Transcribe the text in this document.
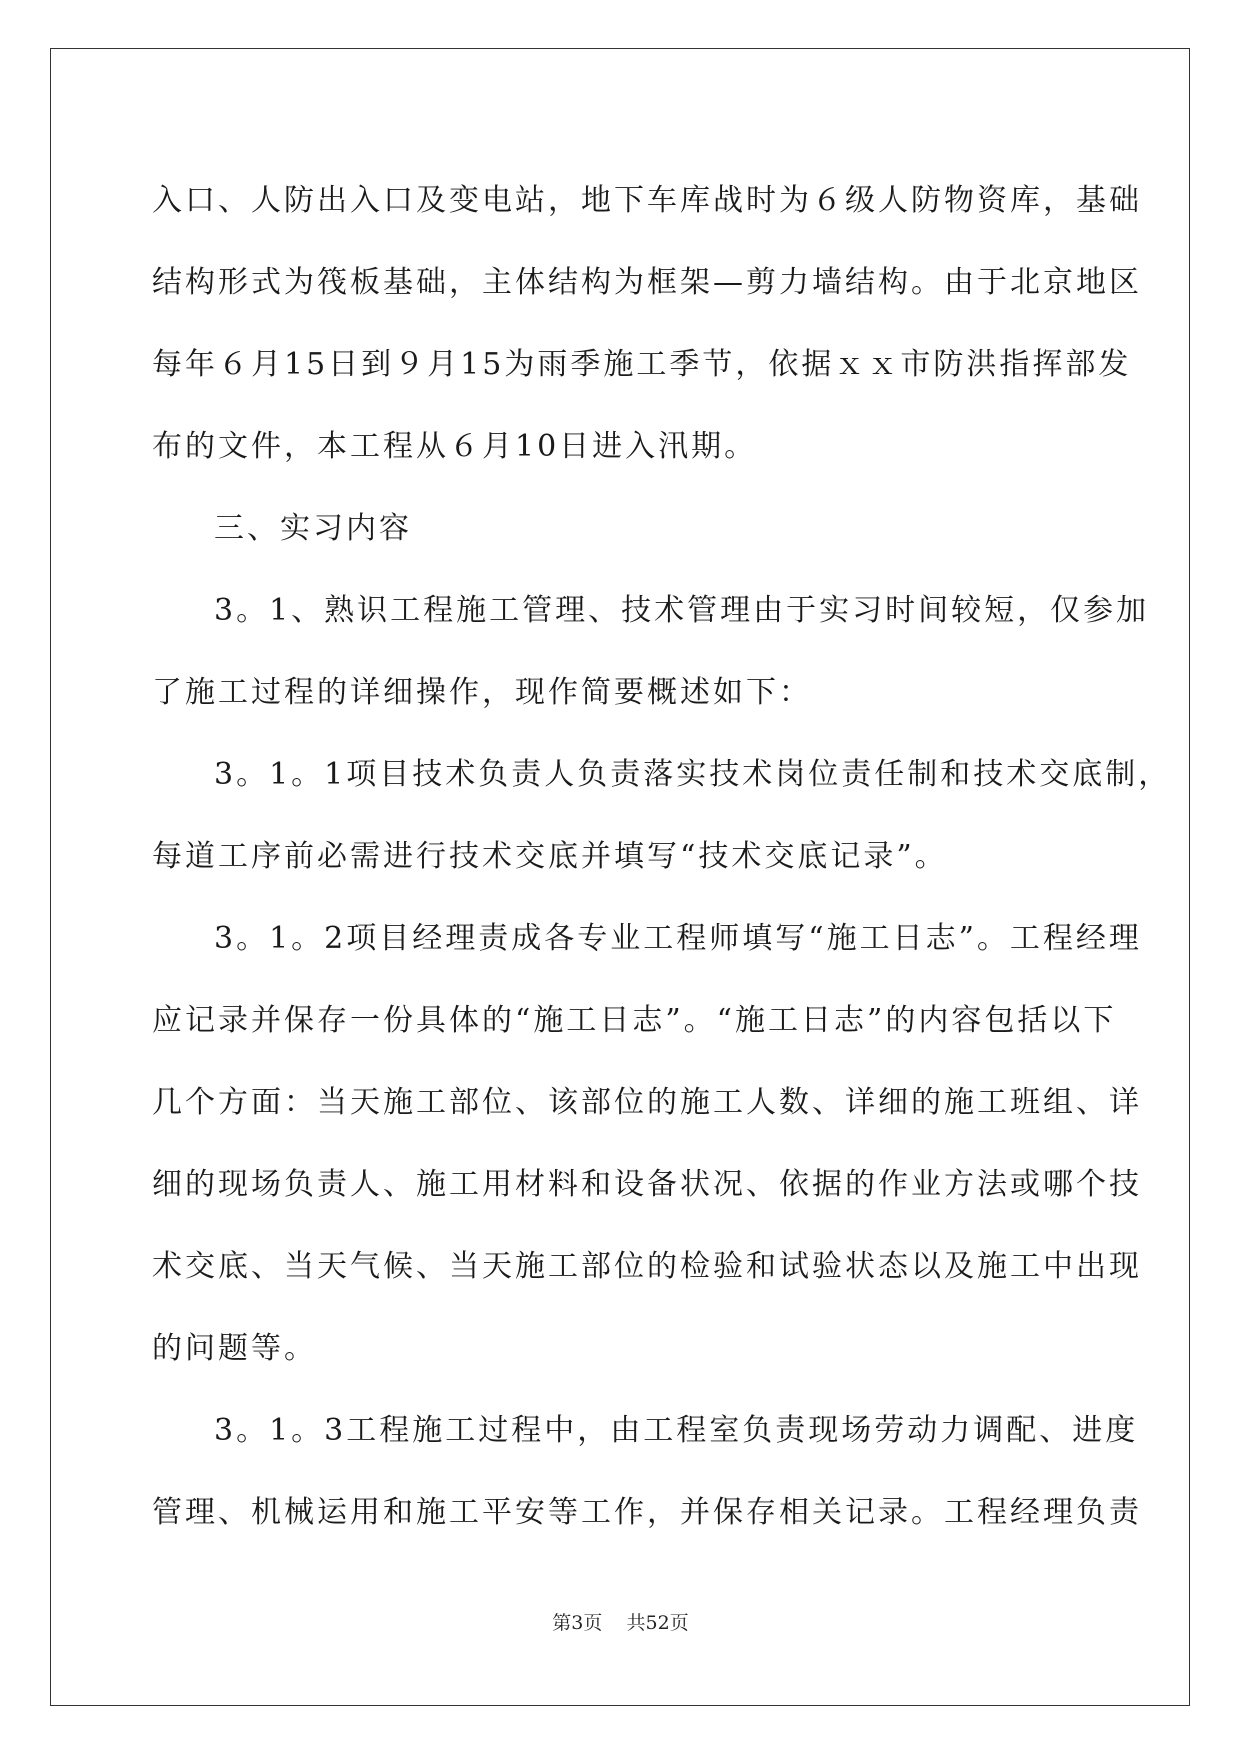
入口、人防出入口及变电站，地下车库战时为６级人防物资库，基础
结构形式为筏板基础，主体结构为框架—剪力墙结构。由于北京地区
每年６月15日到９月15为雨季施工季节，依据ｘｘ市防洪指挥部发
布的文件，本工程从６月10日进入汛期。
三、实习内容
3。1、熟识工程施工管理、技术管理由于实习时间较短，仅参加
了施工过程的详细操作，现作简要概述如下：
3。1。1项目技术负责人负责落实技术岗位责任制和技术交底制，
每道工序前必需进行技术交底并填写“技术交底记录”。
3。1。2项目经理责成各专业工程师填写“施工日志”。工程经理
应记录并保存一份具体的“施工日志”。“施工日志”的内容包括以下
几个方面：当天施工部位、该部位的施工人数、详细的施工班组、详
细的现场负责人、施工用材料和设备状况、依据的作业方法或哪个技
术交底、当天气候、当天施工部位的检验和试验状态以及施工中出现
的问题等。
3。1。3工程施工过程中，由工程室负责现场劳动力调配、进度
管理、机械运用和施工平安等工作，并保存相关记录。工程经理负责
第3页 共52页
